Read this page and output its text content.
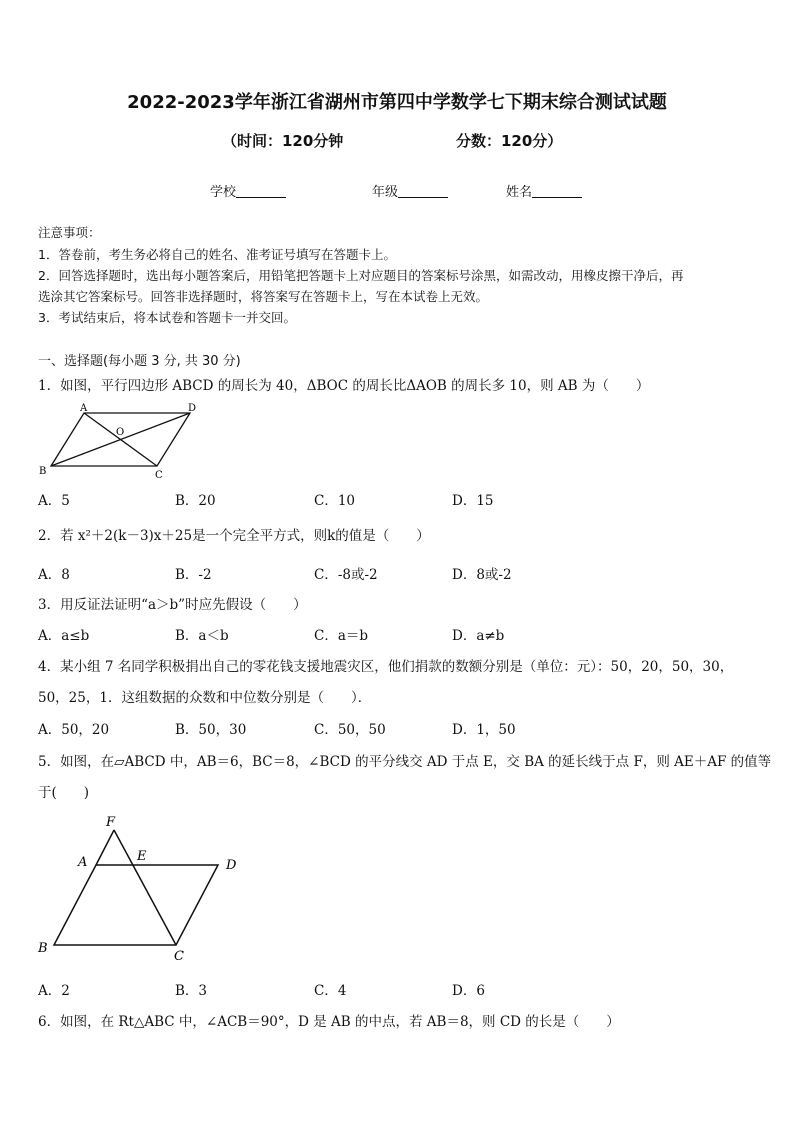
2022-2023学年浙江省湖州市第四中学数学七下期末综合测试试题
（时间：120分钟	分数：120分）
学校	年级	姓名
注意事项：
1．答卷前，考生务必将自己的姓名、准考证号填写在答题卡上。
2．回答选择题时，选出每小题答案后，用铅笔把答题卡上对应题目的答案标号涂黑，如需改动，用橡皮擦干净后，再
选涂其它答案标号。回答非选择题时，将答案写在答题卡上，写在本试卷上无效。
3．考试结束后，将本试卷和答题卡一并交回。
一、选择题(每小题 3 分, 共 30 分)
1．如图，平行四边形 ABCD 的周长为 40，ΔBOC 的周长比ΔAOB 的周长多 10，则 AB 为（　　）
A	D
O
B	C
A．5	B．20	C．10	D．15
2．若 x²＋2(k－3)x＋25是一个完全平方式，则k的值是（　　）
A．8	B．-2	C．-8或-2	D．8或-2
3．用反证法证明“a＞b”时应先假设（　　）
A．a≤b	B．a＜b	C．a＝b	D．a≠b
4．某小组 7 名同学积极捐出自己的零花钱支援地震灾区，他们捐款的数额分别是（单位：元）：50，20，50，30，
50，25，1．这组数据的众数和中位数分别是（　　）．
A．50，20	B．50，30	C．50，50	D．1，50
5．如图，在▱ABCD 中，AB＝6，BC＝8，∠BCD 的平分线交 AD 于点 E，交 BA 的延长线于点 F，则 AE＋AF 的值等
于(　　)
F
A	E
D
B
C
A．2	B．3	C．4	D．6
6．如图，在 Rt△ABC 中，∠ACB＝90°，D 是 AB 的中点，若 AB＝8，则 CD 的长是（　　）
